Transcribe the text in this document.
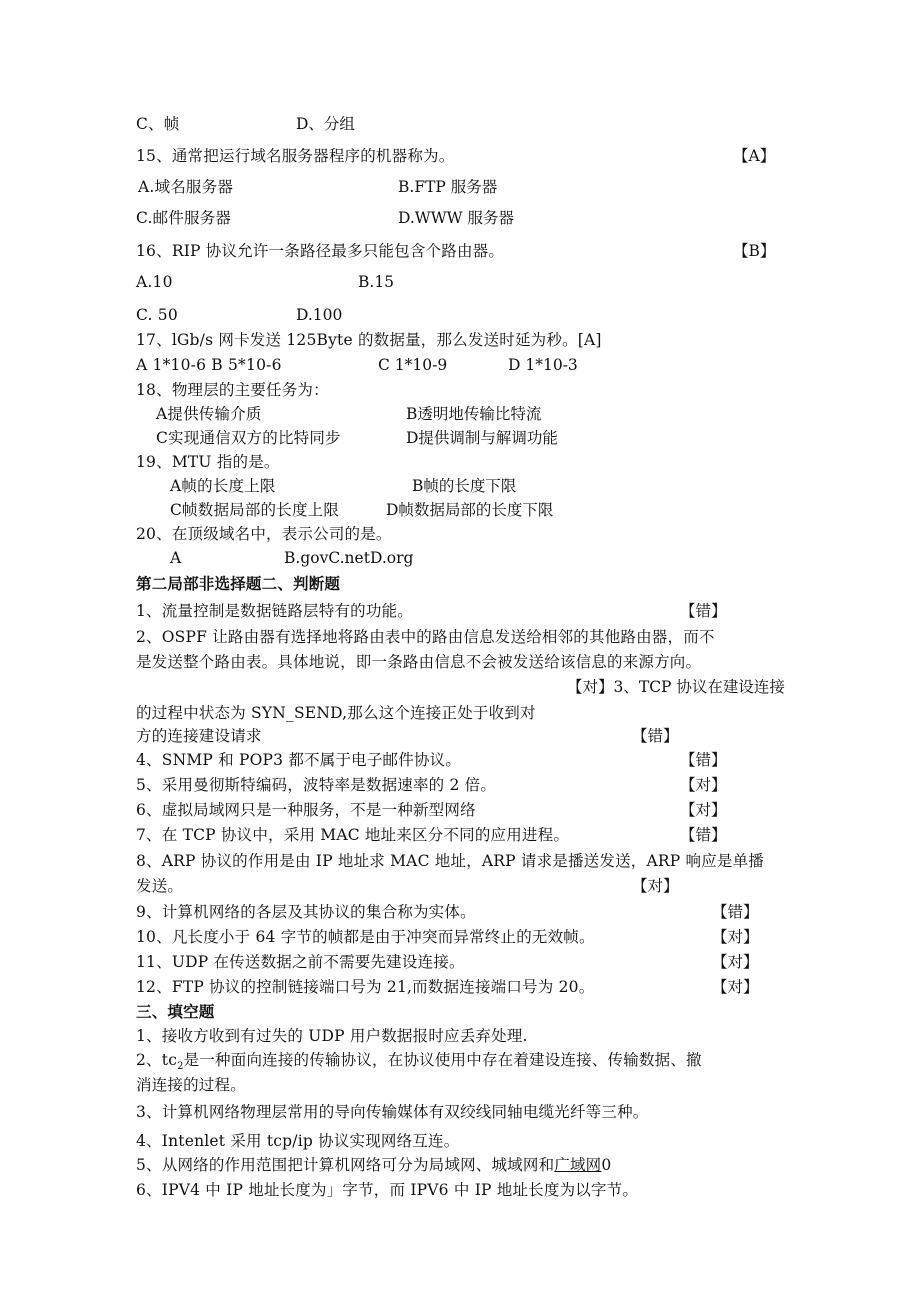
C、帧	D、分组
15、通常把运行域名服务器程序的机器称为。	【A】
A.域名服务器	B.FTP 服务器
C.邮件服务器	D.WWW 服务器
16、RIP 协议允许一条路径最多只能包含个路由器。	【B】
A.10	B.15
C. 50	D.100
17、lGb/s 网卡发送 125Byte 的数据量，那么发送时延为秒。[A]
A 1*10-6 B 5*10-6	C 1*10-9	D 1*10-3
18、物理层的主要任务为：
A提供传输介质	B透明地传输比特流
C实现通信双方的比特同步	D提供调制与解调功能
19、MTU 指的是。
A帧的长度上限	B帧的长度下限
C帧数据局部的长度上限	D帧数据局部的长度下限
20、在顶级域名中，表示公司的是。
A	B.govC.netD.org
第二局部非选择题二、判断题
1、流量控制是数据链路层特有的功能。	【错】
2、OSPF 让路由器有选择地将路由表中的路由信息发送给相邻的其他路由器，而不
是发送整个路由表。具体地说，即一条路由信息不会被发送给该信息的来源方向。
【对】3、TCP 协议在建设连接
的过程中状态为 SYN_SEND,那么这个连接正处于收到对
方的连接建设请求	【错】
4、SNMP 和 POP3 都不属于电子邮件协议。	【错】
5、采用曼彻斯特编码，波特率是数据速率的 2 倍。	【对】
6、虚拟局域网只是一种服务，不是一种新型网络	【对】
7、在 TCP 协议中，采用 MAC 地址来区分不同的应用进程。	【错】
8、ARP 协议的作用是由 IP 地址求 MAC 地址，ARP 请求是播送发送，ARP 响应是单播
发送。	【对】
9、计算机网络的各层及其协议的集合称为实体。	【错】
10、凡长度小于 64 字节的帧都是由于冲突而异常终止的无效帧。	【对】
11、UDP 在传送数据之前不需要先建设连接。	【对】
12、FTP 协议的控制链接端口号为 21,而数据连接端口号为 20。	【对】
三、填空题
1、接收方收到有过失的 UDP 用户数据报时应丢弃处理.
2、$tc_2$是一种面向连接的传输协议，在协议使用中存在着建设连接、传输数据、撤
消连接的过程。
3、计算机网络物理层常用的导向传输媒体有双绞线同轴电缆光纤等三种。
4、Intenlet 采用 tcp/ip 协议实现网络互连。
5、从网络的作用范围把计算机网络可分为局域网、城域网和广域网0
6、IPV4 中 IP 地址长度为」字节，而 IPV6 中 IP 地址长度为以字节。
